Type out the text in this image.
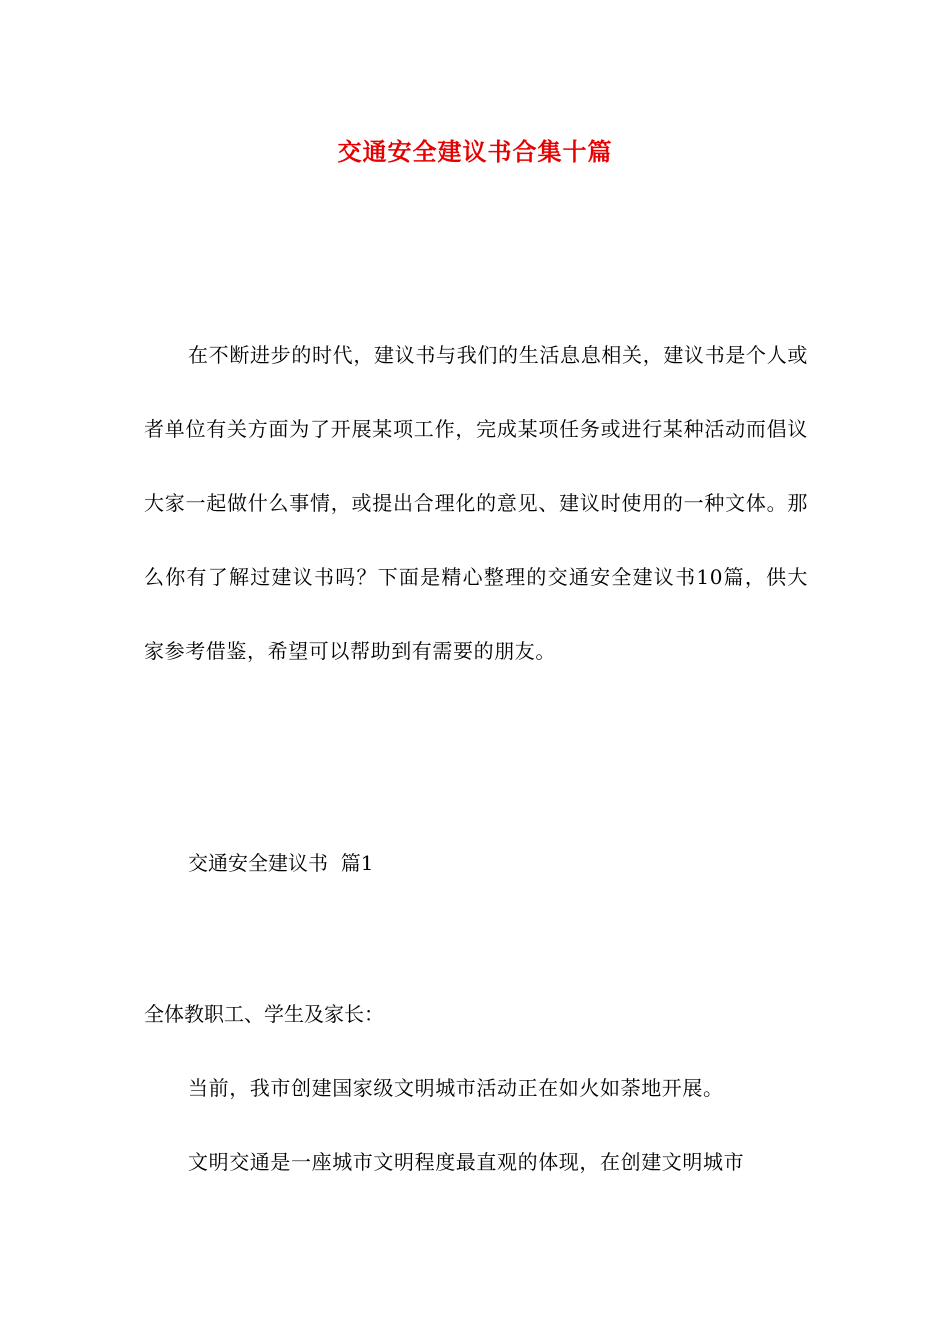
交通安全建议书合集十篇

在不断进步的时代，建议书与我们的生活息息相关，建议书是个人或者单位有关方面为了开展某项工作，完成某项任务或进行某种活动而倡议大家一起做什么事情，或提出合理化的意见、建议时使用的一种文体。那么你有了解过建议书吗？下面是精心整理的交通安全建议书10篇，供大家参考借鉴，希望可以帮助到有需要的朋友。

交通安全建议书  篇1

全体教职工、学生及家长：

当前，我市创建国家级文明城市活动正在如火如荼地开展。

文明交通是一座城市文明程度最直观的体现，在创建文明城市
